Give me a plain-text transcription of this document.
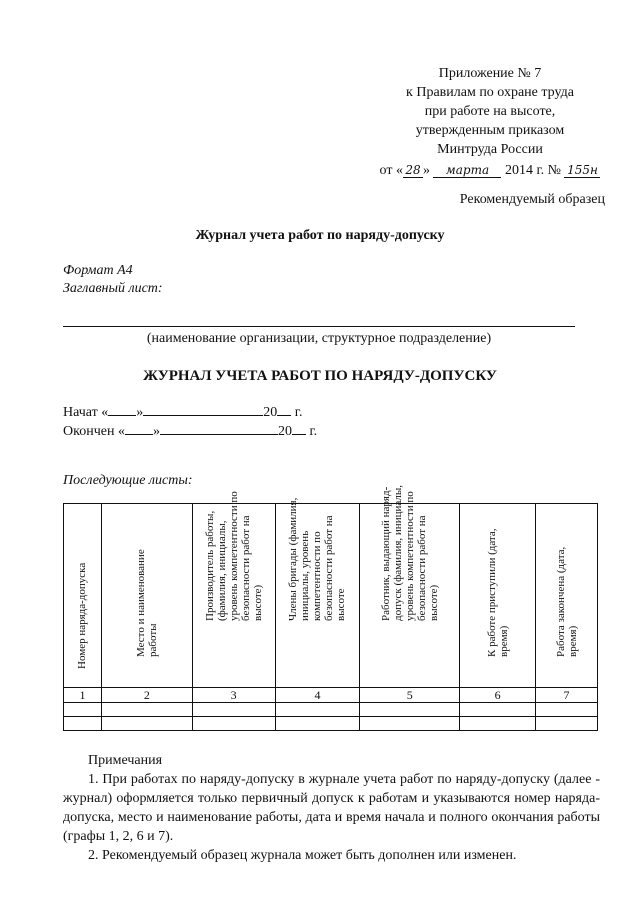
Приложение № 7
к Правилам по охране труда
при работе на высоте,
утвержденным приказом
Минтруда России
от « 28 » марта 2014 г. № 155н
Рекомендуемый образец
Журнал учета работ по наряду-допуску
Формат А4
Заглавный лист:
(наименование организации, структурное подразделение)
ЖУРНАЛ УЧЕТА РАБОТ ПО НАРЯДУ-ДОПУСКУ
Начат « »	20 г.
Окончен « »	20 г.
Последующие листы:
Номер наряда-допуска	Место и наименование работы	Производитель работы, (фамилия, инициалы, уровень компетентности по безопасности работ на высоте)	Члены бригады (фамилия, инициалы, уровень компетентности по безопасности работ на высоте	Работник, выдающий наряд- допуск (фамилия, инициалы, уровень компетентности по безопасности работ на высоте)	К работе приступили (дата, время)	Работа закончена (дата, время)

1	2	3	4	5	6	7

Примечания
1. При работах по наряду-допуску в журнале учета работ по наряду-допуску (далее - журнал) оформляется только первичный допуск к работам и указываются номер наряда-допуска, место и наименование работы, дата и время начала и полного окончания работы (графы 1, 2, 6 и 7).
2. Рекомендуемый образец журнала может быть дополнен или изменен.
